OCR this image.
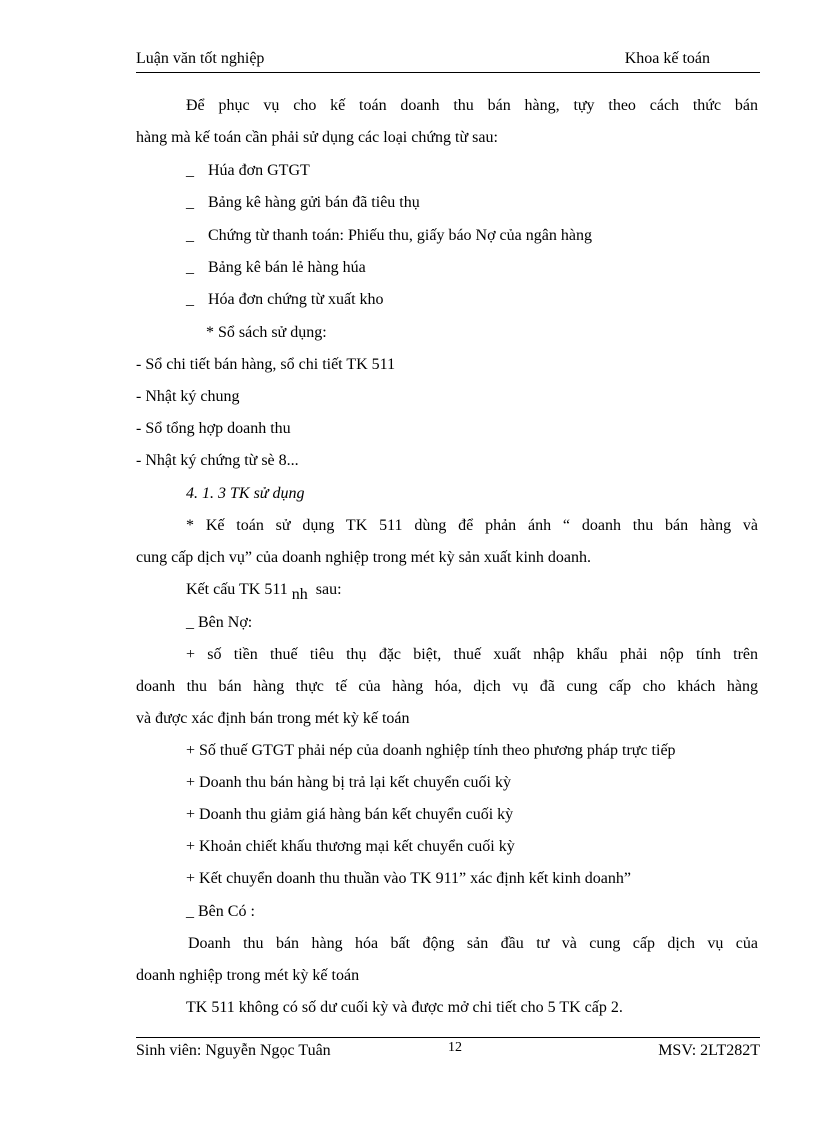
Luận văn tốt nghiệp	Khoa kế toán
Để phục vụ cho kế toán doanh thu bán hàng, tựy theo cách thức bán
hàng mà kế toán cần phải sử dụng các loại chứng từ sau:
_ Húa đơn GTGT
_ Bảng kê hàng gửi bán đã tiêu thụ
_ Chứng từ thanh toán: Phiếu thu, giấy báo Nợ của ngân hàng
_ Bảng kê bán lẻ hàng húa
_ Hóa đơn chứng từ xuất kho
* Sổ sách sử dụng:
- Sổ chi tiết bán hàng, sổ chi tiết TK 511
- Nhật ký chung
- Sổ tổng hợp doanh thu
- Nhật ký chứng từ sè 8...
4. 1. 3 TK sử dụng
* Kế toán sử dụng TK 511 dùng để phản ánh “ doanh thu bán hàng và
cung cấp dịch vụ” của doanh nghiệp trong mét kỳ sản xuất kinh doanh.
Kết cấu TK 511 nh sau:
_ Bên Nợ:
+ số tiền thuế tiêu thụ đặc biệt, thuế xuất nhập khẩu phải nộp tính trên
doanh thu bán hàng thực tế của hàng hóa, dịch vụ đã cung cấp cho khách hàng
và được xác định bán trong mét kỳ kế toán
+ Số thuế GTGT phải nép của doanh nghiệp tính theo phương pháp trực tiếp
+ Doanh thu bán hàng bị trả lại kết chuyển cuối kỳ
+ Doanh thu giảm giá hàng bán kết chuyển cuối kỳ
+ Khoản chiết khấu thương mại kết chuyển cuối kỳ
+ Kết chuyển doanh thu thuần vào TK 911” xác định kết kinh doanh”
_ Bên Có :
Doanh thu bán hàng hóa bất động sản đầu tư và cung cấp dịch vụ của
doanh nghiệp trong mét kỳ kế toán
TK 511 không có số dư cuối kỳ và được mở chi tiết cho 5 TK cấp 2.
Sinh viên: Nguyễn Ngọc Tuân	12	MSV: 2LT282T
